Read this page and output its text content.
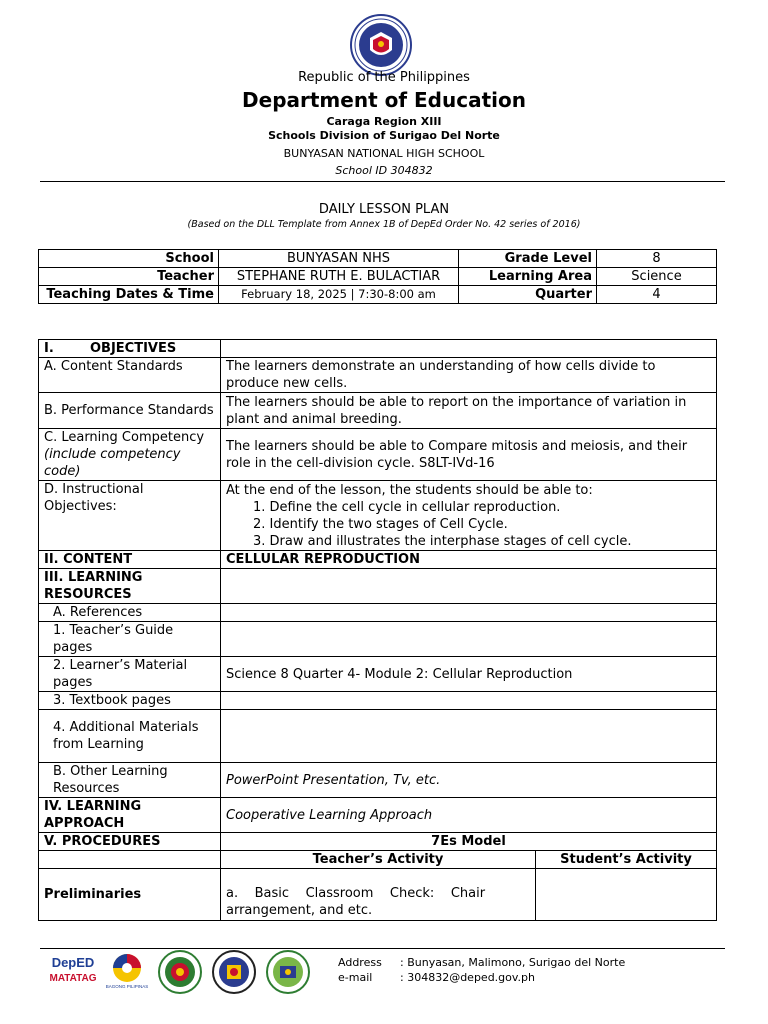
Republic of the Philippines
Department of Education
Caraga Region XIII
Schools Division of Surigao Del Norte
BUNYASAN NATIONAL HIGH SCHOOL
School ID 304832
DAILY LESSON PLAN
(Based on the DLL Template from Annex 1B of DepEd Order No. 42 series of 2016)
School	BUNYASAN NHS	Grade Level	8
Teacher	STEPHANE RUTH E. BULACTIAR	Learning Area	Science
Teaching Dates & Time	February 18, 2025 | 7:30-8:00 am	Quarter	4
I.        OBJECTIVES		
A. Content Standards	The learners demonstrate an understanding of how cells divide to produce new cells.	
B. Performance Standards	The learners should be able to report on the importance of variation in plant and animal breeding.	
C. Learning Competency (include competency code)	The learners should be able to Compare mitosis and meiosis, and their role in the cell-division cycle. S8LT-IVd-16	
D. Instructional Objectives:	At the end of the lesson, the students should be able to:
1. Define the cell cycle in cellular reproduction.
2. Identify the two stages of Cell Cycle.
3. Draw and illustrates the interphase stages of cell cycle.	

II. CONTENT	CELLULAR REPRODUCTION	
III. LEARNING RESOURCES		
A. References		
1. Teacher’s Guide pages		
2. Learner’s Material pages	Science 8 Quarter 4- Module 2: Cellular Reproduction	
3. Textbook pages		
4. Additional Materials from Learning		
B. Other Learning Resources	PowerPoint Presentation, Tv, etc.	
IV. LEARNING APPROACH	Cooperative Learning Approach	
V. PROCEDURES	7Es Model	
	Teacher’s Activity	Student’s Activity
Preliminaries	a.    Basic    Classroom    Check:    Chair
arrangement, and etc.	

DepED
MATATAG
BAGONG PILIPINAS
Address : Bunyasan, Malimono, Surigao del Norte
e-mail	: 304832@deped.gov.ph
